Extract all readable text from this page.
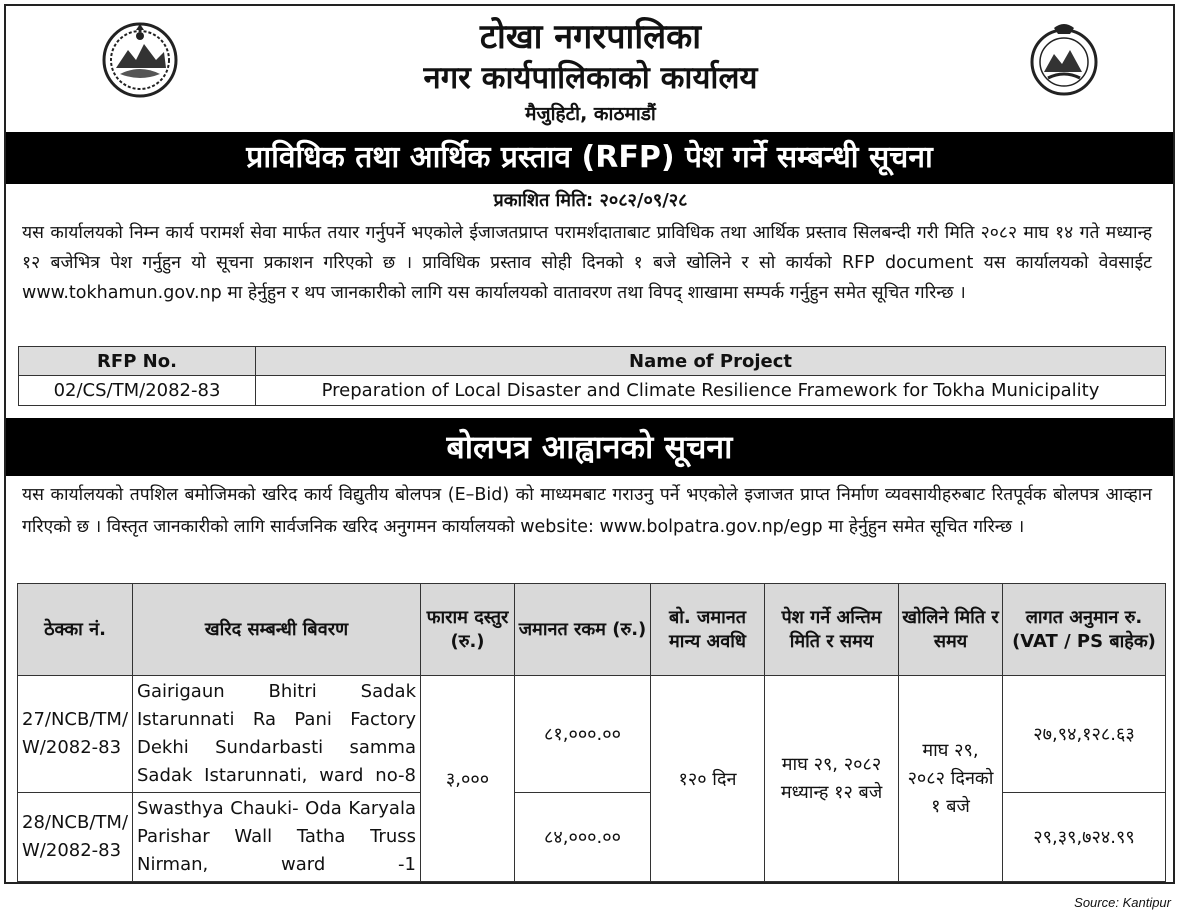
टोखा नगरपालिका
नगर कार्यपालिकाको कार्यालय
मैजुहिटी, काठमाडौं
प्राविधिक तथा आर्थिक प्रस्ताव (RFP) पेश गर्ने सम्बन्धी सूचना
प्रकाशित मिति: २०८२/०९/२८
यस कार्यालयको निम्न कार्य परामर्श सेवा मार्फत तयार गर्नुपर्ने भएकोले ईजाजतप्राप्त परामर्शदाताबाट प्राविधिक तथा आर्थिक प्रस्ताव सिलबन्दी गरी मिति २०८२ माघ १४ गते मध्यान्ह १२ बजेभित्र पेश गर्नुहुन यो सूचना प्रकाशन गरिएको छ । प्राविधिक प्रस्ताव सोही दिनको १ बजे खोलिने र सो कार्यको RFP document यस कार्यालयको वेवसाईट www.tokhamun.gov.np मा हेर्नुहुन र थप जानकारीको लागि यस कार्यालयको वातावरण तथा विपद् शाखामा सम्पर्क गर्नुहुन समेत सूचित गरिन्छ ।
RFP No.	Name of Project
02/CS/TM/2082-83	Preparation of Local Disaster and Climate Resilience Framework for Tokha Municipality
बोलपत्र आह्वानको सूचना
यस कार्यालयको तपशिल बमोजिमको खरिद कार्य विद्युतीय बोलपत्र (E–Bid) को माध्यमबाट गराउनु पर्ने भएकोले इजाजत प्राप्त निर्माण व्यवसायीहरुबाट रितपूर्वक बोलपत्र आव्हान गरिएको छ । विस्तृत जानकारीको लागि सार्वजनिक खरिद अनुगमन कार्यालयको website: www.bolpatra.gov.np/egp मा हेर्नुहुन समेत सूचित गरिन्छ ।
ठेक्का नं.	खरिद सम्बन्धी बिवरण	फाराम दस्तुर (रु.)	जमानत रकम (रु.)	बो. जमानत मान्य अवधि	पेश गर्ने अन्तिम मिति र समय	खोलिने मिति र समय	लागत अनुमान रु. (VAT / PS बाहेक)
27/NCB/TM/W/2082-83	Gairigaun Bhitri Sadak Istarunnati Ra Pani Factory Dekhi Sundarbasti samma Sadak Istarunnati, ward no-8	३,०००	८१,०००.००	१२० दिन	माघ २९, २०८२ मध्यान्ह १२ बजे	माघ २९, २०८२ दिनको १ बजे	२७,९४,१२८.६३
28/NCB/TM/W/2082-83	Swasthya Chauki- Oda Karyala Parishar Wall Tatha Truss Nirman, ward -1		८४,०००.००				२९,३९,७२४.९९
Source: Kantipur
